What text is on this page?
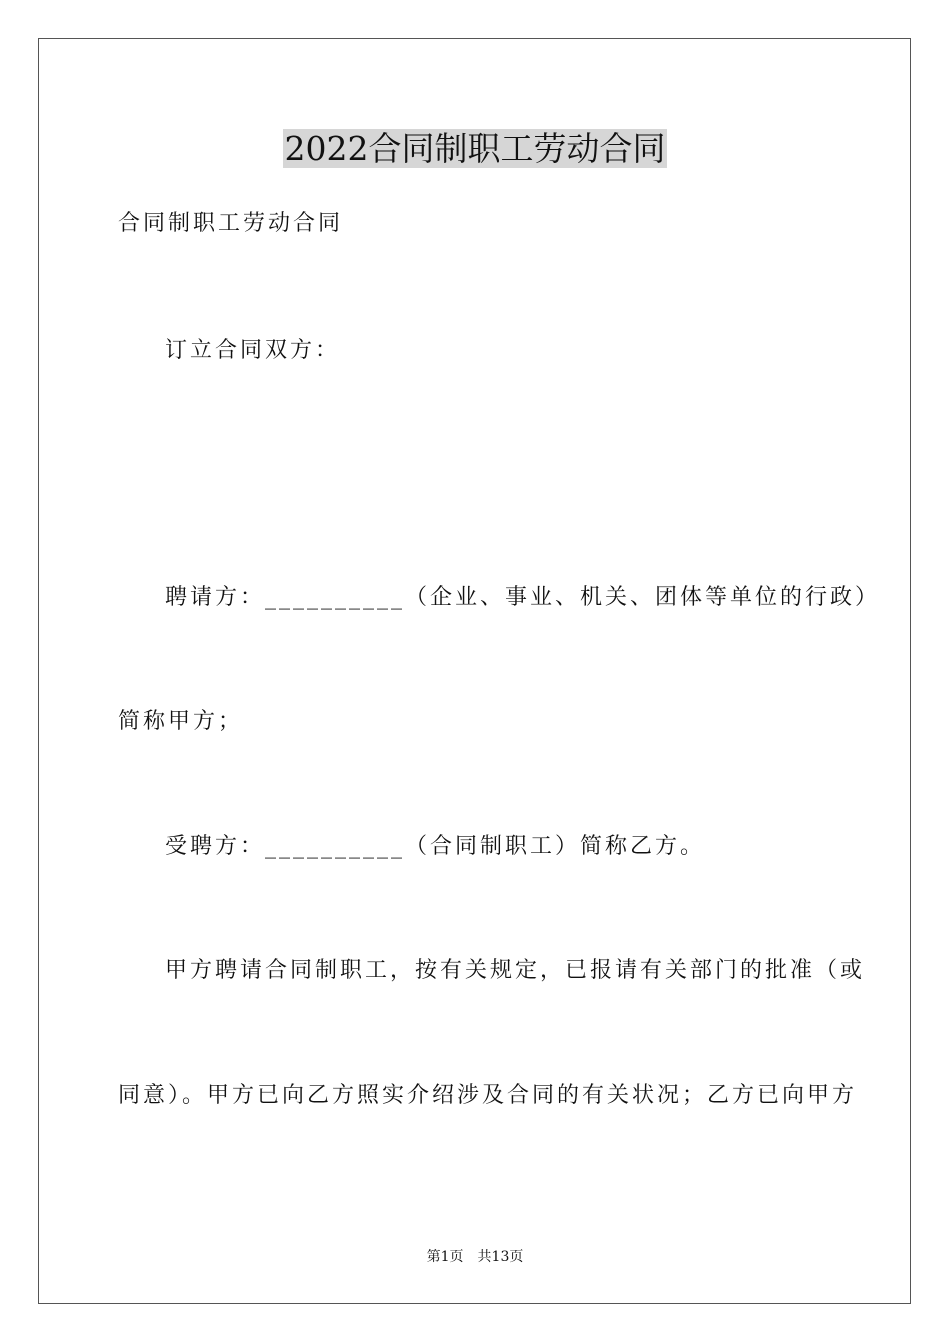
2022合同制职工劳动合同
合同制职工劳动合同
订立合同双方：
聘请方：__________（企业、事业、机关、团体等单位的行政）
简称甲方；
受聘方：__________（合同制职工）简称乙方。
甲方聘请合同制职工，按有关规定，已报请有关部门的批准（或
同意）。甲方已向乙方照实介绍涉及合同的有关状况；乙方已向甲方
第1页　共13页
